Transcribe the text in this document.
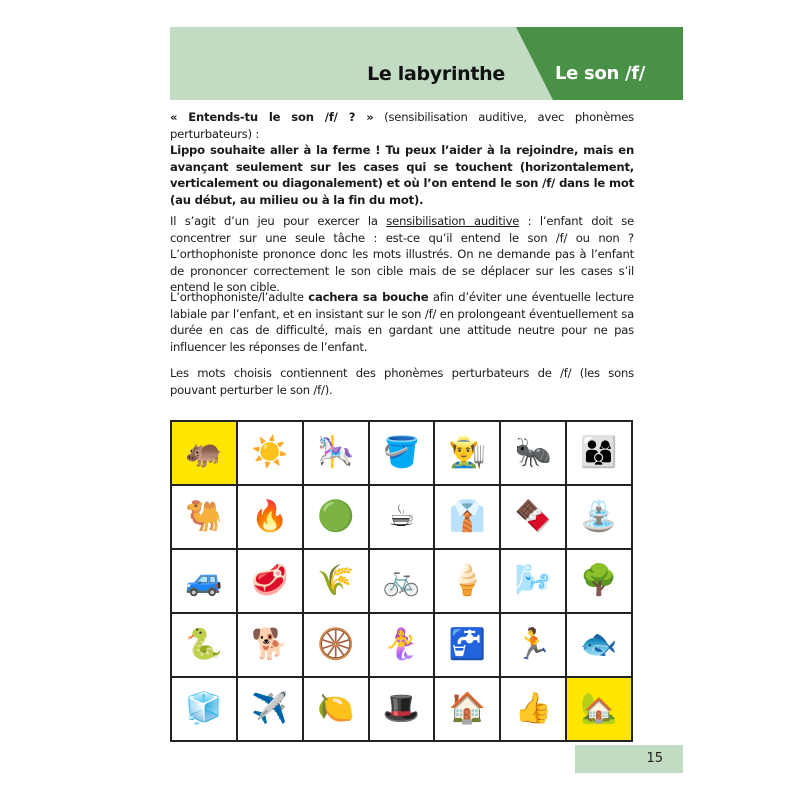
Le labyrinthe	Le son /f/
« Entends-tu le son /f/ ? » (sensibilisation auditive, avec phonèmes perturbateurs) :
Lippo souhaite aller à la ferme ! Tu peux l’aider à la rejoindre, mais en avançant seulement sur les cases qui se touchent (horizontalement, verticalement ou diagonalement) et où l’on entend le son /f/ dans le mot (au début, au milieu ou à la fin du mot).
Il s’agit d’un jeu pour exercer la sensibilisation auditive : l’enfant doit se concentrer sur une seule tâche : est-ce qu’il entend le son /f/ ou non ? L’orthophoniste prononce donc les mots illustrés. On ne demande pas à l’enfant de prononcer correctement le son cible mais de se déplacer sur les cases s’il entend le son cible.
L’orthophoniste/l’adulte cachera sa bouche afin d’éviter une éventuelle lecture labiale par l’enfant, et en insistant sur le son /f/ en prolongeant éventuellement sa durée en cas de difficulté, mais en gardant une attitude neutre pour ne pas influencer les réponses de l’enfant.
Les mots choisis contiennent des phonèmes perturbateurs de /f/ (les sons pouvant perturber le son /f/).
🦛 ☀️ 🎠 🪣 👨‍🌾 🐜 👨‍👩‍👦
🐫 🔥 🟢 ☕ 👔 🍫 ⛲
🚙 🥩 🌾 🚲 🍦 🌬️ 🌳
🐍 🐕 🛞 🧜‍♀️ 🚰 🏃 🐟
🧊 ✈️ 🍋 🎩 🏠 👍 🏡
15
